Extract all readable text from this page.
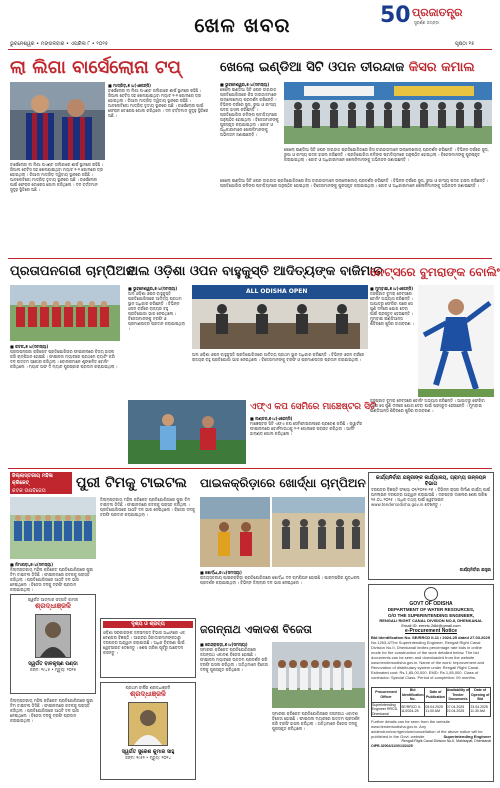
ଖେଳ ଖବର	50 ପ୍ରଜାତନ୍ତ୍ର
ସୁବର୍ଣ୍ଣ ଜୟନ୍ତୀ
ଭୁବନେଶ୍ୱର • ମଙ୍ଗଳବାର • ଏପ୍ରିଲ ୮ • ୨୦୨୫	ପୃଷ୍ଠା ୧୫
ଲା ଲିଗା ବାର୍ସେଲୋନା ଟପ୍	ଖେଲୋ ଇଣ୍ଡିଆ ସିଟି ଓପନ ତୀରନ୍ଦାଜ କିସର କମାଲ
■ ମାଡ୍ରିଡ଼,୭।୪(ଏଜେନ୍ସି)
ବାର୍ସେଲୋନା ଲା ଲିଗା ପଏଣ୍ଟ ତାଲିକାରେ ଶୀର୍ଷ ସ୍ଥାନରେ ରହିଛି । ରିଆଲ ବେଟିସ ସହ ଖେଳାଯାଇଥିବା ମ୍ୟାଚ ୧-୧ ଗୋଲରେ ଡ୍ର ହୋଇଥିଲା । ରିଆଲ ମାଡ୍ରିଡ଼ ଦ୍ୱିତୀୟ ସ୍ଥାନରେ ରହିଛି । ଆଟଲେଟିକୋ ମାଡ୍ରିଡ଼ ତୃତୀୟ ସ୍ଥାନରେ ଅଛି । ବାର୍ସେଲୋନା ପାଇଁ ଫେରାନ ଟୋରେସ ଗୋଲ କରିଥିଲେ । ଦଳ ବର୍ତ୍ତମାନ ସୁଦୃଢ଼ ସ୍ଥିତିରେ ଅଛି ।
ବାର୍ସେଲୋନା ଲା ଲିଗା ପଏଣ୍ଟ ତାଲିକାରେ ଶୀର୍ଷ ସ୍ଥାନରେ ରହିଛି । ରିଆଲ ବେଟିସ ସହ ଖେଳାଯାଇଥିବା ମ୍ୟାଚ ୧-୧ ଗୋଲରେ ଡ୍ର ହୋଇଥିଲା । ରିଆଲ ମାଡ୍ରିଡ଼ ଦ୍ୱିତୀୟ ସ୍ଥାନରେ ରହିଛି । ଆଟଲେଟିକୋ ମାଡ୍ରିଡ଼ ତୃତୀୟ ସ୍ଥାନରେ ଅଛି । ବାର୍ସେଲୋନା ପାଇଁ ଫେରାନ ଟୋରେସ ଗୋଲ କରିଥିଲେ । ଦଳ ବର୍ତ୍ତମାନ ସୁଦୃଢ଼ ସ୍ଥିତିରେ ଅଛି ।
■ ଭୁବନେଶ୍ୱର,୭।୪(ସମସ୍ୟା)
ଖେଲୋ ଇଣ୍ଡିଆ ସିଟି ଓପନ ତୀରନ୍ଦାଜ ପ୍ରତିଯୋଗିତାରେ କିସ ତୀରନ୍ଦାଜମାନେ ଉଲ୍ଲେଖନୀୟ ପ୍ରଦର୍ଶନ କରିଛନ୍ତି । ବିଭିନ୍ନ ବର୍ଗରେ ସୁନା, ରୁପା ଓ କାଂସ୍ୟ ପଦକ ହାସଲ କରିଛନ୍ତି । ପ୍ରତିଯୋଗିତା କଳିଙ୍ଗ ଷ୍ଟାଡିୟମରେ ଅନୁଷ୍ଠିତ ହୋଇଥିଲା । ବିଜେତାମାନଙ୍କୁ ପୁରସ୍କୃତ କରାଯାଇଥିଲା । କୋଚ ଓ ଅଧିକାରୀମାନେ ଖେଳାଳିମାନଙ୍କୁ ଅଭିନନ୍ଦନ ଜଣାଇଛନ୍ତି ।
ଖେଲୋ ଇଣ୍ଡିଆ ସିଟି ଓପନ ତୀରନ୍ଦାଜ ପ୍ରତିଯୋଗିତାରେ କିସ ତୀରନ୍ଦାଜମାନେ ଉଲ୍ଲେଖନୀୟ ପ୍ରଦର୍ଶନ କରିଛନ୍ତି । ବିଭିନ୍ନ ବର୍ଗରେ ସୁନା, ରୁପା ଓ କାଂସ୍ୟ ପଦକ ହାସଲ କରିଛନ୍ତି । ପ୍ରତିଯୋଗିତା କଳିଙ୍ଗ ଷ୍ଟାଡିୟମରେ ଅନୁଷ୍ଠିତ ହୋଇଥିଲା । ବିଜେତାମାନଙ୍କୁ ପୁରସ୍କୃତ କରାଯାଇଥିଲା । କୋଚ ଓ ଅଧିକାରୀମାନେ ଖେଳାଳିମାନଙ୍କୁ ଅଭିନନ୍ଦନ ଜଣାଇଛନ୍ତି ।
ଖେଲୋ ଇଣ୍ଡିଆ ସିଟି ଓପନ ତୀରନ୍ଦାଜ ପ୍ରତିଯୋଗିତାରେ କିସ ତୀରନ୍ଦାଜମାନେ ଉଲ୍ଲେଖନୀୟ ପ୍ରଦର୍ଶନ କରିଛନ୍ତି । ବିଭିନ୍ନ ବର୍ଗରେ ସୁନା, ରୁପା ଓ କାଂସ୍ୟ ପଦକ ହାସଲ କରିଛନ୍ତି । ପ୍ରତିଯୋଗିତା କଳିଙ୍ଗ ଷ୍ଟାଡିୟମରେ ଅନୁଷ୍ଠିତ ହୋଇଥିଲା । ବିଜେତାମାନଙ୍କୁ ପୁରସ୍କୃତ କରାଯାଇଥିଲା । କୋଚ ଓ ଅଧିକାରୀମାନେ ଖେଳାଳିମାନଙ୍କୁ ଅଭିନନ୍ଦନ ଜଣାଇଛନ୍ତି ।
ପ୍ରତାପନଗରୀ ଚାମ୍ପିଅନ
ଅଲ ଓଡ଼ିଶା ଓପନ ବାହୁକୁସ୍ତି ଆଦିତ୍ୟଙ୍କ ବାଜିମାତ
ନେଟ୍ସରେ ବୁମରାଙ୍କ ବୋଲିଂ
■ କଟକ,୭।୪(ସମସ୍ୟା)
ପ୍ରତାପନଗରୀ କ୍ରିକେଟ ପ୍ରତିଯୋଗିତାର ଫାଇନାଲରେ ବିଜୟ ହାସଲ କରି ଚାମ୍ପିଅନ ହୋଇଛି । ଫାଇନାଲ ମ୍ୟାଚରେ ପ୍ରଥମେ ବ୍ୟାଟିଂ କରି ଦଳ ଉତ୍ତମ ସ୍କୋର କରିଥିଲା । ବୋଲରମାନେ ଶୃଙ୍ଖଳିତ ବୋଲିଂ କରିଥିଲେ । ମ୍ୟାଚ ଅଫ ଦି ମ୍ୟାଚ ପୁରସ୍କାର ପ୍ରଦାନ କରାଯାଇଥିଲା ।
■ ଭୁବନେଶ୍ୱର,୭।୪(ସମସ୍ୟା)
ଅଲ ଓଡ଼ିଶା ଓପନ ବାହୁକୁସ୍ତି ପ୍ରତିଯୋଗିତାରେ ଆଦିତ୍ୟ ପ୍ରଥମ ସ୍ଥାନ ଅଧିକାର କରିଛନ୍ତି । ବିଭିନ୍ନ ଓଜନ ବର୍ଗରେ ରାଜ୍ୟର ବହୁ ପ୍ରତିଯୋଗୀ ଭାଗ ନେଇଥିଲେ । ବିଜେତାମାନଙ୍କୁ ଟ୍ରଫି ଓ ପ୍ରମାଣପତ୍ର ପ୍ରଦାନ କରାଯାଇଥିଲା ।
ALL ODISHA OPEN
ଅଲ ଓଡ଼ିଶା ଓପନ ବାହୁକୁସ୍ତି ପ୍ରତିଯୋଗିତାରେ ଆଦିତ୍ୟ ପ୍ରଥମ ସ୍ଥାନ ଅଧିକାର କରିଛନ୍ତି । ବିଭିନ୍ନ ଓଜନ ବର୍ଗରେ ରାଜ୍ୟର ବହୁ ପ୍ରତିଯୋଗୀ ଭାଗ ନେଇଥିଲେ । ବିଜେତାମାନଙ୍କୁ ଟ୍ରଫି ଓ ପ୍ରମାଣପତ୍ର ପ୍ରଦାନ କରାଯାଇଥିଲା ।
■ ମୁମ୍ବାଇ,୭।୪(ଏଜେନ୍ସି)
ଜସପ୍ରୀତ ବୁମରା ନେଟ୍ସରେ ବୋଲିଂ ଅଭ୍ୟାସ କରିଛନ୍ତି । ଆଘାତରୁ ଫେରିବା ପରେ ସେ ପୁଣି ଦଳରେ ଯୋଗ ଦେବା ପାଇଁ ପ୍ରସ୍ତୁତ ହେଉଛନ୍ତି । ମୁମ୍ବାଇ ଇଣ୍ଡିଆନ୍ସ ଶିବିରରେ ଖୁସିର ବାତାବରଣ ।
ଜସପ୍ରୀତ ବୁମରା ନେଟ୍ସରେ ବୋଲିଂ ଅଭ୍ୟାସ କରିଛନ୍ତି । ଆଘାତରୁ ଫେରିବା ପରେ ସେ ପୁଣି ଦଳରେ ଯୋଗ ଦେବା ପାଇଁ ପ୍ରସ୍ତୁତ ହେଉଛନ୍ତି । ମୁମ୍ବାଇ ଇଣ୍ଡିଆନ୍ସ ଶିବିରରେ ଖୁସିର ବାତାବରଣ ।
ଏଫ୍ଏ କପ ସେମିରେ ମାଞ୍ଚେଷ୍ଟର ସିଟି
■ ଲଣ୍ଡନ,୭।୪(ଏଜେନ୍ସି)
ମାଞ୍ଚେଷ୍ଟର ସିଟି ଏଫ୍ଏ କପ ସେମିଫାଇନାଲରେ ପ୍ରବେଶ କରିଛି । କ୍ୱାର୍ଟର ଫାଇନାଲରେ ବୋର୍ନମାଉଥକୁ ୨-୧ ଗୋଲରେ ପରାସ୍ତ କରିଥିଲା । ଆର୍ଲିଂ ହାଲାଣ୍ଡ ଗୋଲ କରିଥିଲେ ।
ଜିଲ୍ଲାସ୍ତରୀୟ ମହିଳା କ୍ରିକେଟ୍
କଟକ ଉପବିଜେତା	ପୁରୀ ଟିମକୁ ଟାଇଟଲ	ପାଇକକ୍ରିଡ଼ାରେ ଖୋର୍ଦ୍ଧା ଚାମ୍ପିଅନ
■ ନିମାପଡ଼ା,୭।୪(ସମସ୍ୟା)
ଜିଲ୍ଲାସ୍ତରୀୟ ମହିଳା କ୍ରିକେଟ ପ୍ରତିଯୋଗିତାରେ ପୁରୀ ଟିମ ଟାଇଟଲ ଜିତିଛି । ଫାଇନାଲରେ କଟକକୁ ପରାସ୍ତ କରିଥିଲା । ପ୍ରତିଯୋଗିତାରେ ଆଠଟି ଦଳ ଭାଗ ନେଇଥିଲେ । ବିଜେତା ଦଳକୁ ଟ୍ରଫି ପ୍ରଦାନ କରାଯାଇଥିଲା ।
ଜିଲ୍ଲାସ୍ତରୀୟ ମହିଳା କ୍ରିକେଟ ପ୍ରତିଯୋଗିତାରେ ପୁରୀ ଟିମ ଟାଇଟଲ ଜିତିଛି । ଫାଇନାଲରେ କଟକକୁ ପରାସ୍ତ କରିଥିଲା । ପ୍ରତିଯୋଗିତାରେ ଆଠଟି ଦଳ ଭାଗ ନେଇଥିଲେ । ବିଜେତା ଦଳକୁ ଟ୍ରଫି ପ୍ରଦାନ କରାଯାଇଥିଲା ।
■ ଖୋର୍ଦ୍ଧା,୭।୪(ସମସ୍ୟା)
ରାଜ୍ୟସ୍ତରୀୟ ପାଇକକ୍ରିଡ଼ା ପ୍ରତିଯୋଗିତାରେ ଖୋର୍ଦ୍ଧା ଦଳ ଚାମ୍ପିଅନ ହୋଇଛି । ପାରମ୍ପରିକ ଯୁଦ୍ଧକଳା ପ୍ରଦର୍ଶନ କରାଯାଇଥିଲା । ବିଭିନ୍ନ ଜିଲ୍ଲାର ଦଳ ଭାଗ ନେଇଥିଲେ ।
କାର୍ଯ୍ୟନିର୍ବାହୀ ଯନ୍ତ୍ରୀଙ୍କ କାର୍ଯ୍ୟାଳୟ, ଗ୍ରାମ୍ୟ ଉନ୍ନୟନ ବିଭାଗ
ଦରପତ୍ର ବିଜ୍ଞପ୍ତି ସଂଖ୍ୟା ୦୧/୨୦୨୫-୨୬ । ବିଭିନ୍ନ ରାସ୍ତା ନିର୍ମାଣ କାର୍ଯ୍ୟ ପାଇଁ ଅନଲାଇନ ଦରପତ୍ର ଆହ୍ୱାନ କରାଯାଉଛି । ଦରପତ୍ର ଦାଖଲର ଶେଷ ତାରିଖ ୨୫.୦୪.୨୦୨୫ । ଅଧିକ ତଥ୍ୟ ପାଇଁ ୱେବସାଇଟ www.tendersodisha.gov.in ଦେଖନ୍ତୁ ।
କାର୍ଯ୍ୟନିର୍ବାହୀ ଯନ୍ତ୍ରୀ
ଦୃଶ୍ୟ ଓ ଶ୍ରାବ୍ୟ
ଓଡ଼ିଶା ସରକାରଙ୍କ ଜଳସମ୍ପଦ ବିଭାଗ ଅଧୀନରେ ଏକ ଟେଣ୍ଡର ବିଜ୍ଞପ୍ତି । ଆଗ୍ରହୀ ଠିକାଦାରମାନଙ୍କଠାରୁ ଦରପତ୍ର ଆହ୍ୱାନ କରାଯାଉଛି । ଅଧିକ ବିବରଣୀ ପାଇଁ ୱେବସାଇଟ ଦେଖନ୍ତୁ । ଶେଷ ତାରିଖ ପୂର୍ବରୁ ଆବେଦନ କରନ୍ତୁ ।
ସ୍ୱର୍ଗତ ଆତ୍ମାର ସଦ୍ଗତି କାମନା
ଶ୍ରଦ୍ଧାଞ୍ଜଳି
ସ୍ୱର୍ଗତ ବାଳକୃଷ୍ଣ ପଣ୍ଡା
ଜନ୍ମ: ୧୯୪୫ • ମୃତ୍ୟୁ: ୨୦୨୫
ପ୍ରଥମ ବାର୍ଷିକ ଶ୍ରଦ୍ଧାଞ୍ଜଳି
ଶ୍ରଦ୍ଧାଞ୍ଜଳି
ସ୍ୱର୍ଗତ ସୁରେଶ କୁମାର ସାହୁ
ଜନ୍ମ: ୧୯୫୨ • ମୃତ୍ୟୁ: ୨୦୨୪
ଜିଲ୍ଲାସ୍ତରୀୟ ମହିଳା କ୍ରିକେଟ ପ୍ରତିଯୋଗିତାରେ ପୁରୀ ଟିମ ଟାଇଟଲ ଜିତିଛି । ଫାଇନାଲରେ କଟକକୁ ପରାସ୍ତ କରିଥିଲା । ପ୍ରତିଯୋଗିତାରେ ଆଠଟି ଦଳ ଭାଗ ନେଇଥିଲେ । ବିଜେତା ଦଳକୁ ଟ୍ରଫି ପ୍ରଦାନ କରାଯାଇଥିଲା ।
ଜଗନ୍ନାଥ ଏକାଦଶ ବିଜେତା
■ କେନ୍ଦ୍ରାପଡ଼ା,୭।୪(ସମସ୍ୟା)
ସ୍ମାରକୀ କ୍ରିକେଟ ପ୍ରତିଯୋଗିତାରେ ଜଗନ୍ନାଥ ଏକାଦଶ ବିଜେତା ହୋଇଛି । ଫାଇନାଲ ମ୍ୟାଚରେ ଉତ୍ତମ ପ୍ରଦର୍ଶନ କରି ଟ୍ରଫି ହାସଲ କରିଥିଲା । ଅତିଥିମାନେ ବିଜେତା ଦଳକୁ ପୁରସ୍କୃତ କରିଥିଲେ ।
ସ୍ମାରକୀ କ୍ରିକେଟ ପ୍ରତିଯୋଗିତାରେ ଜଗନ୍ନାଥ ଏକାଦଶ ବିଜେତା ହୋଇଛି । ଫାଇନାଲ ମ୍ୟାଚରେ ଉତ୍ତମ ପ୍ରଦର୍ଶନ କରି ଟ୍ରଫି ହାସଲ କରିଥିଲା । ଅତିଥିମାନେ ବିଜେତା ଦଳକୁ ପୁରସ୍କୃତ କରିଥିଲେ ।
GOVT OF ODISHA
DEPARTMENT OF WATER RESOURCES,
O/O THE SUPERINTENDING ENGINEER,
RENGALI RIGHT CANAL DIVISION NO.II, DHENKANAL
Email ID: eeretc.2dkl@gmail.com
e-Procurement Notice
Bid Identification No. SE/RRCD II-11 / 2024-25 dated 27.03.2025
No.1263-4/The Superintending Engineer, Rengali Right Canal Division No.II, Dhenkanal invites percentage rate bids in online mode for the construction of the work detailed below. The bid documents can be seen and downloaded from the website www.tendersodisha.gov.in. Name of the work: Improvement and Renovation of distributary system under Rengali Right Canal. Estimated cost: Rs.1,85,00,000. EMD: Rs.1,85,000. Class of contractor: Special Class. Period of completion: 09 months.
Procurement Officer	Bid Identification No.	Date of Publication	Availability of Tender Documents	Date of Opening of Bid
Superintending Engineer RRCD, Dhenkanal	SE/RRCD II-11/2024-25	05.04.2025 11.00 AM	07.04.2025 22.04.2025	23.04.2025 11.30 AM
Further details can be seen from the website www.tendersodisha.gov.in. Any addendum/corrigendum/cancellation of the above notice will be published in the Govt. website.	Superintending Engineer
Rengali Right Canal Division No.II, Mahisapat, Dhenkanal
OIPR-32004/11/0013/2425
